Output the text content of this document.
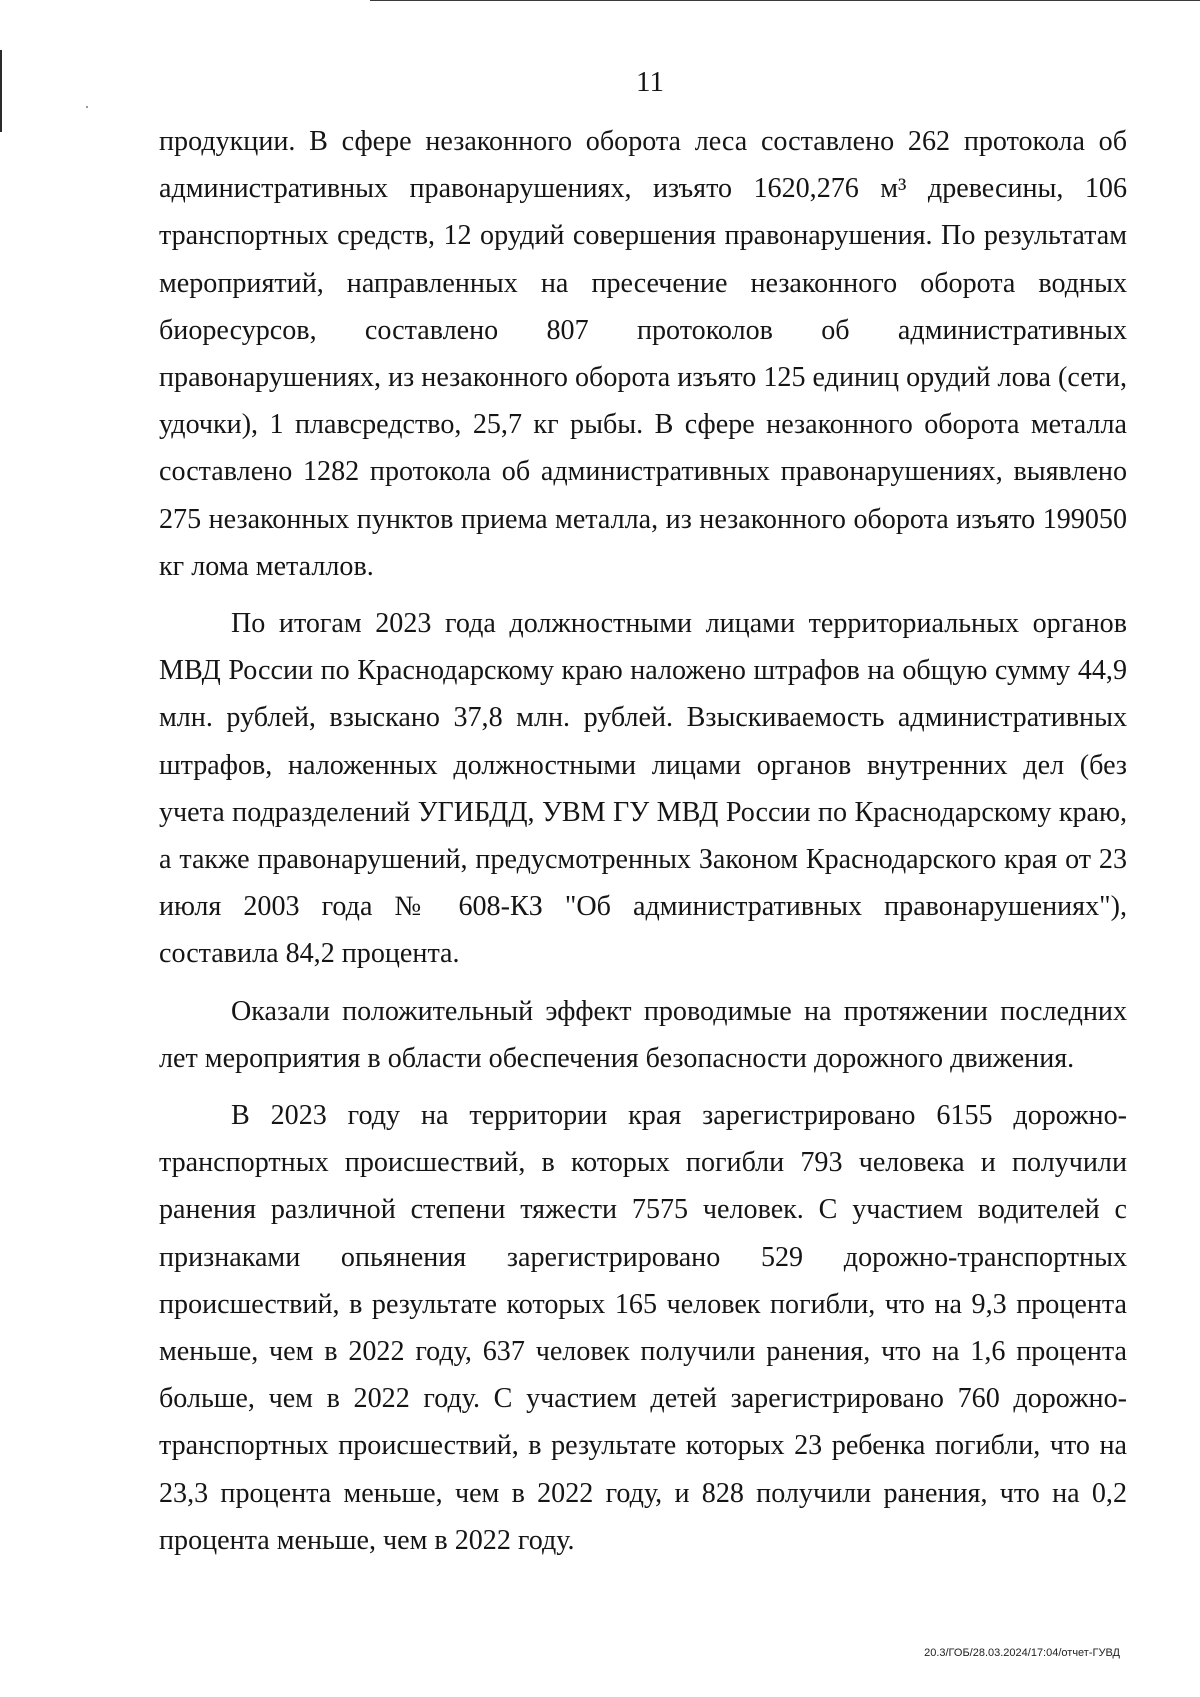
11

продукции. В сфере незаконного оборота леса составлено 262 протокола об административных правонарушениях, изъято 1620,276 м³ древесины, 106 транспортных средств, 12 орудий совершения правонарушения. По результатам мероприятий, направленных на пресечение незаконного оборота водных биоресурсов, составлено 807 протоколов об административных правонарушениях, из незаконного оборота изъято 125 единиц орудий лова (сети, удочки), 1 плавсредство, 25,7 кг рыбы. В сфере незаконного оборота металла составлено 1282 протокола об административных правонарушениях, выявлено 275 незаконных пунктов приема металла, из незаконного оборота изъято 199050 кг лома металлов.

По итогам 2023 года должностными лицами территориальных органов МВД России по Краснодарскому краю наложено штрафов на общую сумму 44,9 млн. рублей, взыскано 37,8 млн. рублей. Взыскиваемость административных штрафов, наложенных должностными лицами органов внутренних дел (без учета подразделений УГИБДД, УВМ ГУ МВД России по Краснодарскому краю, а также правонарушений, предусмотренных Законом Краснодарского края от 23 июля 2003 года № 608-КЗ "Об административных правонарушениях"), составила 84,2 процента.

Оказали положительный эффект проводимые на протяжении последних лет мероприятия в области обеспечения безопасности дорожного движения.

В 2023 году на территории края зарегистрировано 6155 дорожно-транспортных происшествий, в которых погибли 793 человека и получили ранения различной степени тяжести 7575 человек. С участием водителей с признаками опьянения зарегистрировано 529 дорожно-транспортных происшествий, в результате которых 165 человек погибли, что на 9,3 процента меньше, чем в 2022 году, 637 человек получили ранения, что на 1,6 процента больше, чем в 2022 году. С участием детей зарегистрировано 760 дорожно-транспортных происшествий, в результате которых 23 ребенка погибли, что на 23,3 процента меньше, чем в 2022 году, и 828 получили ранения, что на 0,2 процента меньше, чем в 2022 году.

20.3/ГОБ/28.03.2024/17:04/отчет-ГУВД
